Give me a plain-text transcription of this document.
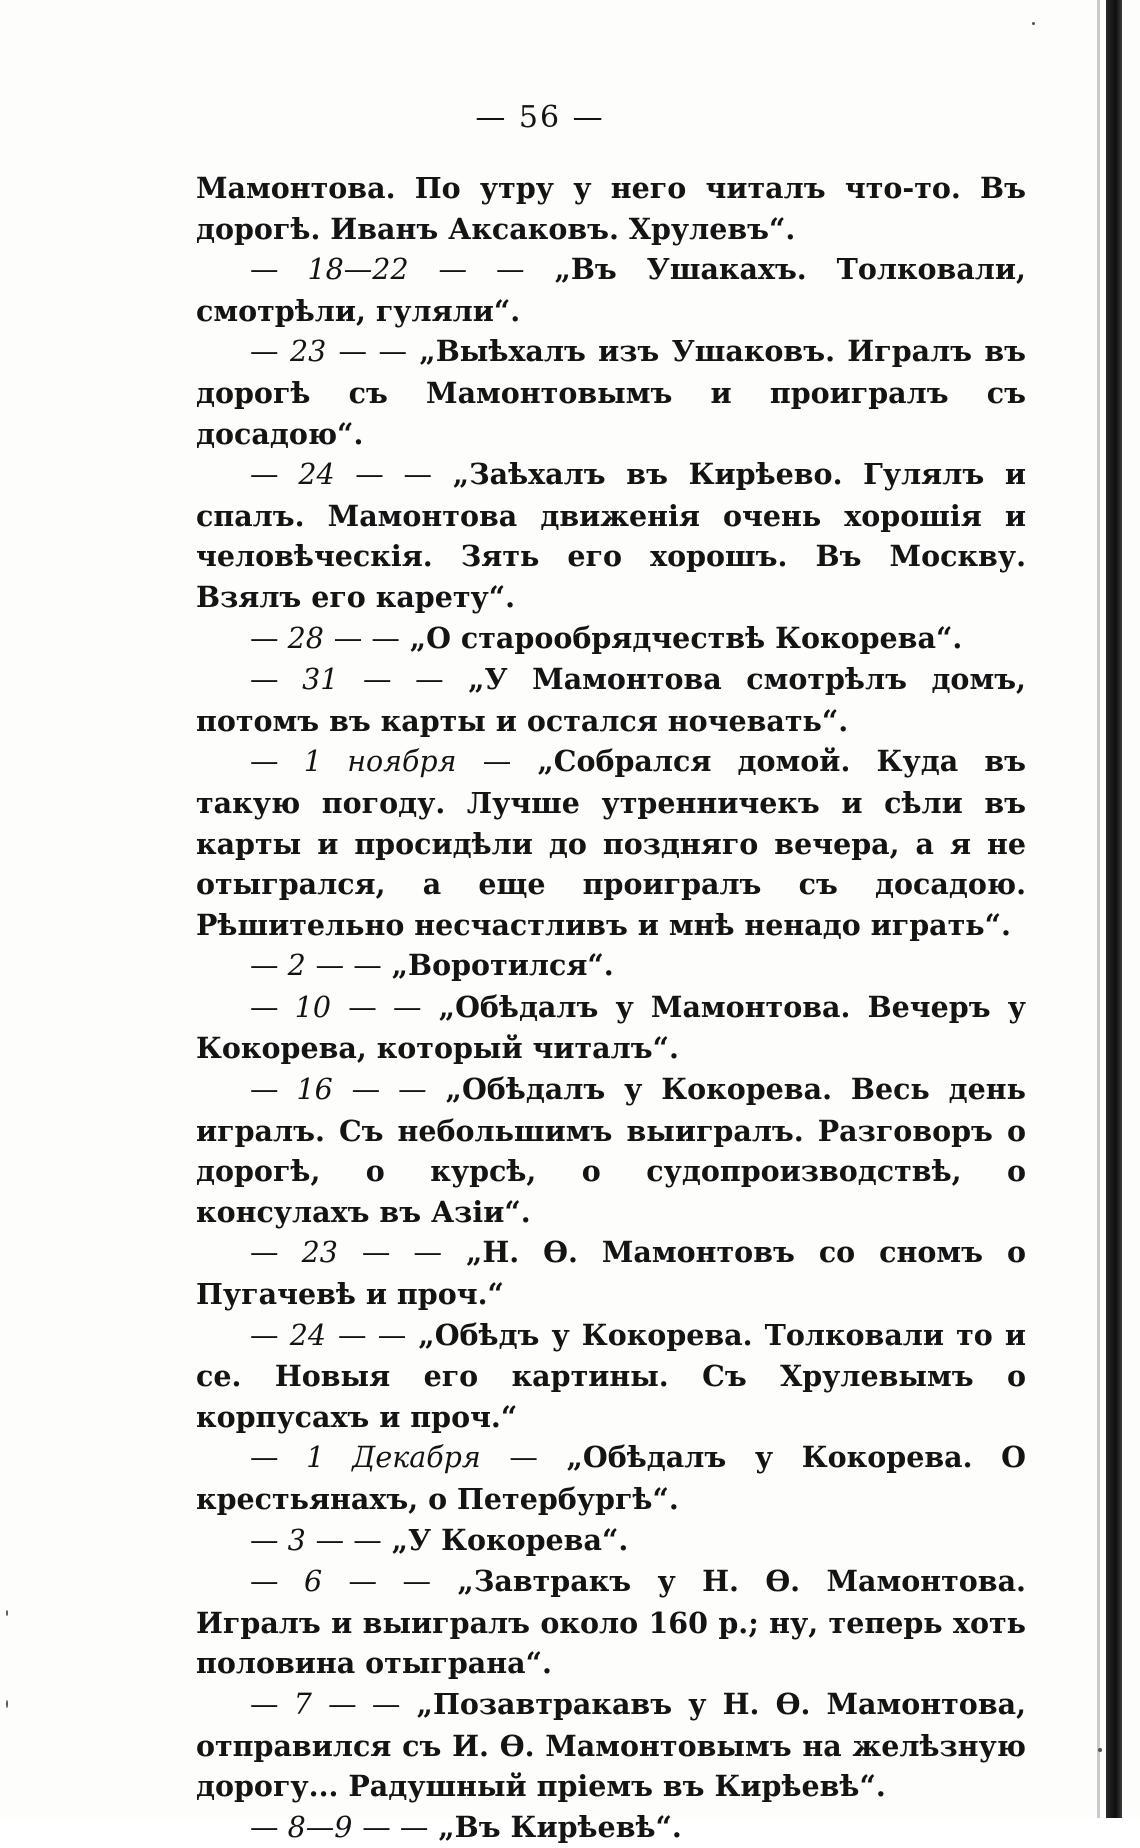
— 56 —

Мамонтова. По утру у него читалъ что-то. Въ дорогѣ. Иванъ Аксаковъ. Хрулевъ“.

— 18—22 — — „Въ Ушакахъ. Толковали, смотрѣли, гуляли“.

— 23 — — „Выѣхалъ изъ Ушаковъ. Игралъ въ дорогѣ съ Мамонтовымъ и проигралъ съ досадою“.

— 24 — — „Заѣхалъ въ Кирѣево. Гулялъ и спалъ. Мамонтова движенія очень хорошія и человѣческія. Зять его хорошъ. Въ Москву. Взялъ его карету“.

— 28 — — „О старообрядчествѣ Кокорева“.

— 31 — — „У Мамонтова смотрѣлъ домъ, потомъ въ карты и остался ночевать“.

— 1 ноября — „Собрался домой. Куда въ такую погоду. Лучше утренничекъ и сѣли въ карты и просидѣли до поздняго вечера, а я не отыгрался, а еще проигралъ съ досадою. Рѣшительно несчастливъ и мнѣ ненадо играть“.

— 2 — — „Воротился“.

— 10 — — „Обѣдалъ у Мамонтова. Вечеръ у Кокорева, который читалъ“.

— 16 — — „Обѣдалъ у Кокорева. Весь день игралъ. Съ небольшимъ выигралъ. Разговоръ о дорогѣ, о курсѣ, о судопроизводствѣ, о консулахъ въ Азіи“.

— 23 — — „Н. Ѳ. Мамонтовъ со сномъ о Пугачевѣ и проч.“

— 24 — — „Обѣдъ у Кокорева. Толковали то и се. Новыя его картины. Съ Хрулевымъ о корпусахъ и проч.“

— 1 Декабря — „Обѣдалъ у Кокорева. О крестьянахъ, о Петербургѣ“.

— 3 — — „У Кокорева“.

— 6 — — „Завтракъ у Н. Ѳ. Мамонтова. Игралъ и выигралъ около 160 р.; ну, теперь хоть половина отыграна“.

— 7 — — „Позавтракавъ у Н. Ѳ. Мамонтова, отправился съ И. Ѳ. Мамонтовымъ на желѣзную дорогу... Радушный пріемъ въ Кирѣевѣ“.

— 8—9 — — „Въ Кирѣевѣ“.
